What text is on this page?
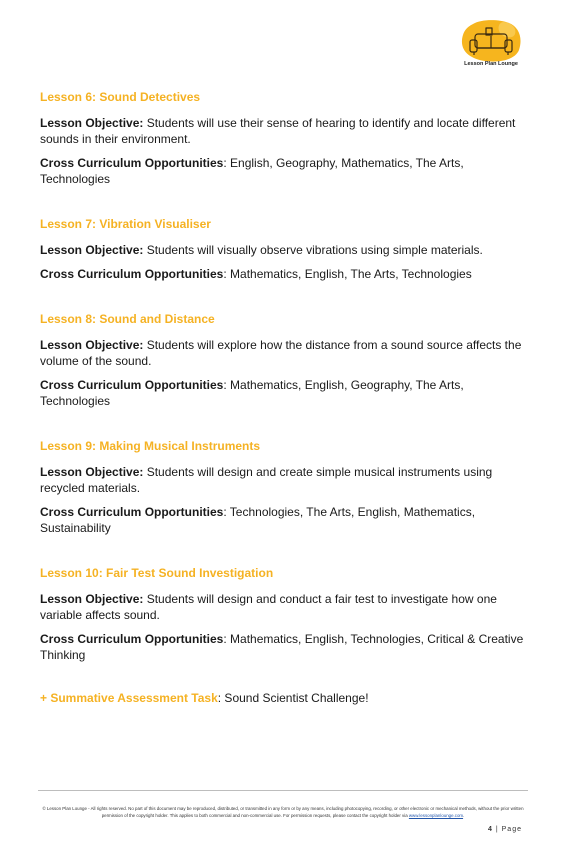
Lesson Plan Lounge
Lesson 6: Sound Detectives

Lesson Objective: Students will use their sense of hearing to identify and locate different sounds in their environment.

Cross Curriculum Opportunities: English, Geography, Mathematics, The Arts, Technologies

Lesson 7: Vibration Visualiser

Lesson Objective: Students will visually observe vibrations using simple materials.

Cross Curriculum Opportunities: Mathematics, English, The Arts, Technologies

Lesson 8: Sound and Distance

Lesson Objective: Students will explore how the distance from a sound source affects the volume of the sound.

Cross Curriculum Opportunities: Mathematics, English, Geography, The Arts, Technologies

Lesson 9: Making Musical Instruments

Lesson Objective: Students will design and create simple musical instruments using recycled materials.

Cross Curriculum Opportunities: Technologies, The Arts, English, Mathematics, Sustainability

Lesson 10: Fair Test Sound Investigation

Lesson Objective: Students will design and conduct a fair test to investigate how one variable affects sound.

Cross Curriculum Opportunities: Mathematics, English, Technologies, Critical & Creative Thinking

+ Summative Assessment Task: Sound Scientist Challenge!
© Lesson Plan Lounge - All rights reserved. No part of this document may be reproduced, distributed, or transmitted in any form or by any means, including photocopying, recording, or other electronic or mechanical methods, without the prior written permission of the copyright holder. This applies to both commercial and non-commercial use. For permission requests, please contact the copyright holder via www.lessonplanlounge.com.
4 | Page
